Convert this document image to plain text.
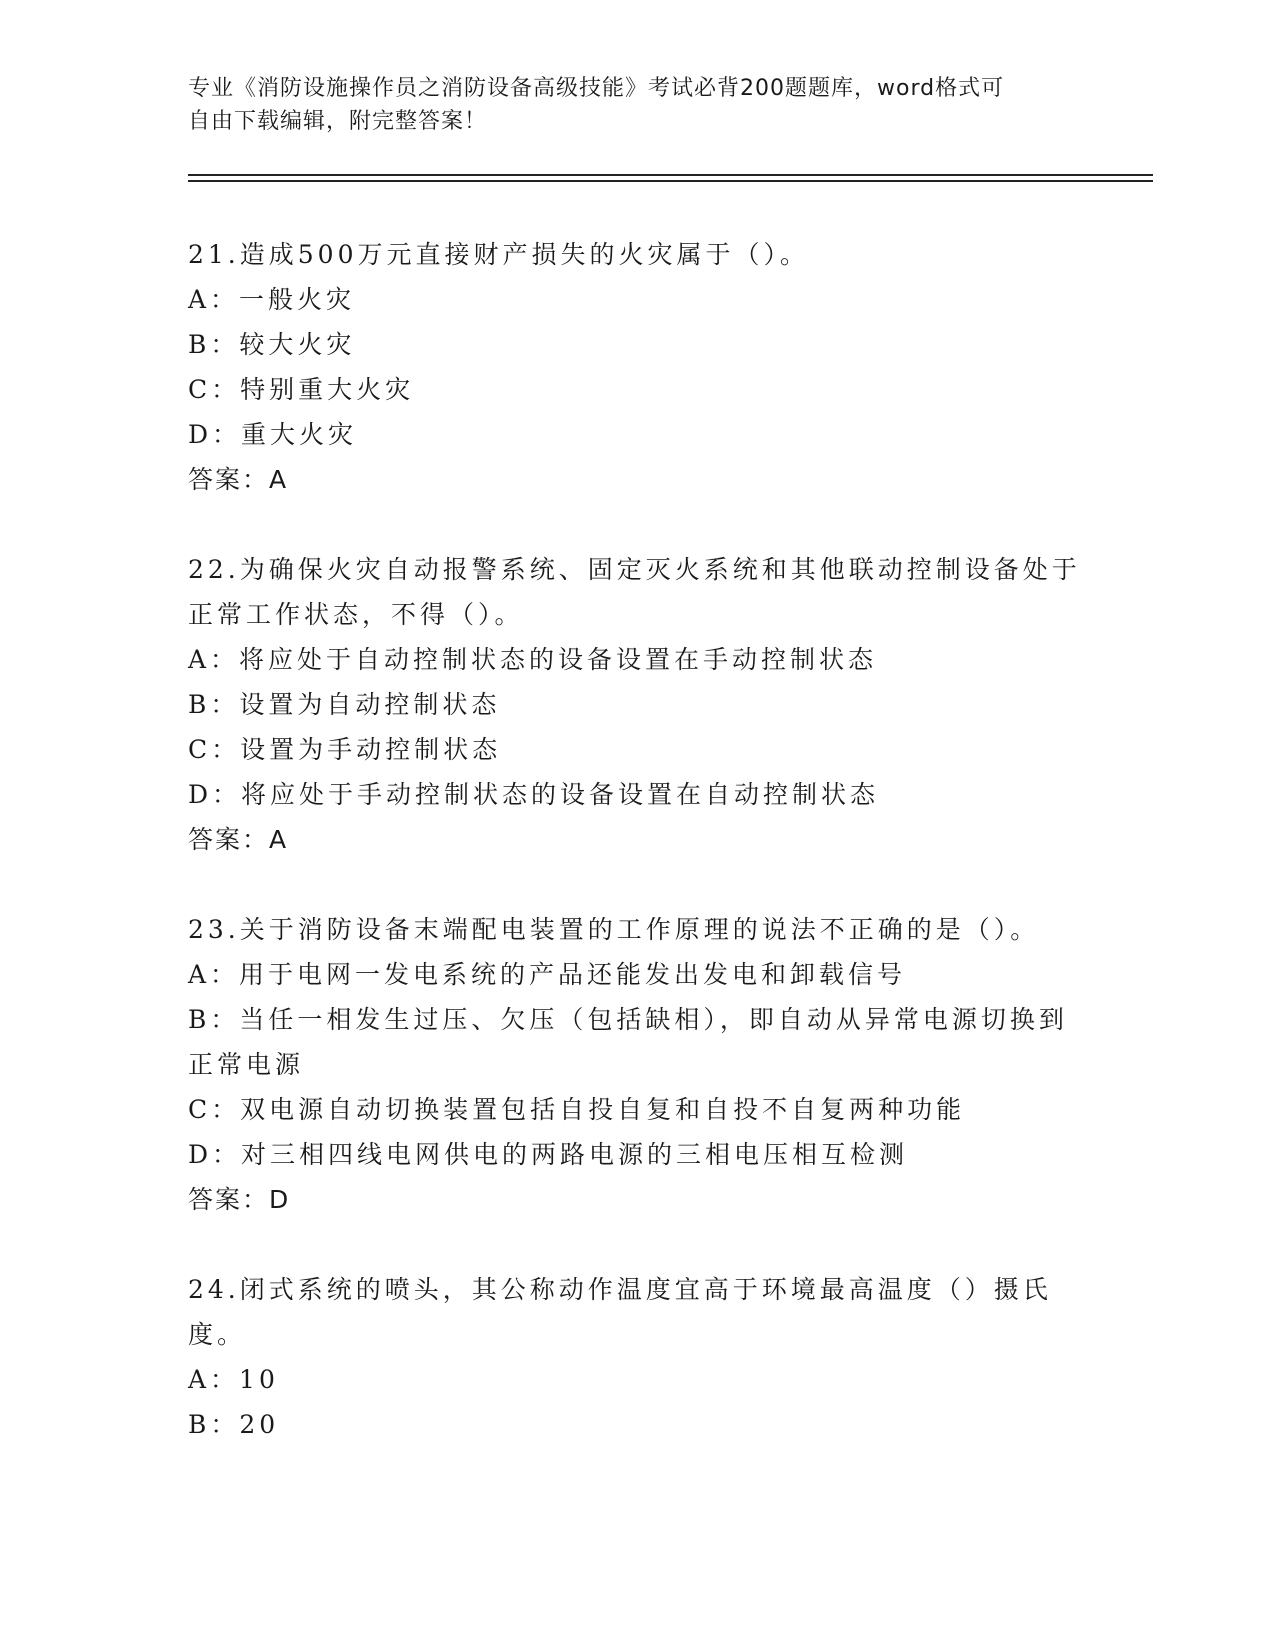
专业《消防设施操作员之消防设备高级技能》考试必背200题题库，word格式可
自由下载编辑，附完整答案！

21.造成500万元直接财产损失的火灾属于（）。

A：一般火灾

B：较大火灾

C：特别重大火灾

D：重大火灾

答案：A

22.为确保火灾自动报警系统、固定灭火系统和其他联动控制设备处于正常工作状态，不得（）。

A：将应处于自动控制状态的设备设置在手动控制状态

B：设置为自动控制状态

C：设置为手动控制状态

D：将应处于手动控制状态的设备设置在自动控制状态

答案：A

23.关于消防设备末端配电装置的工作原理的说法不正确的是（）。

A：用于电网一发电系统的产品还能发出发电和卸载信号

B：当任一相发生过压、欠压（包括缺相），即自动从异常电源切换到正常电源

C：双电源自动切换装置包括自投自复和自投不自复两种功能

D：对三相四线电网供电的两路电源的三相电压相互检测

答案：D

24.闭式系统的喷头，其公称动作温度宜高于环境最高温度（）摄氏度。

A：10

B：20
